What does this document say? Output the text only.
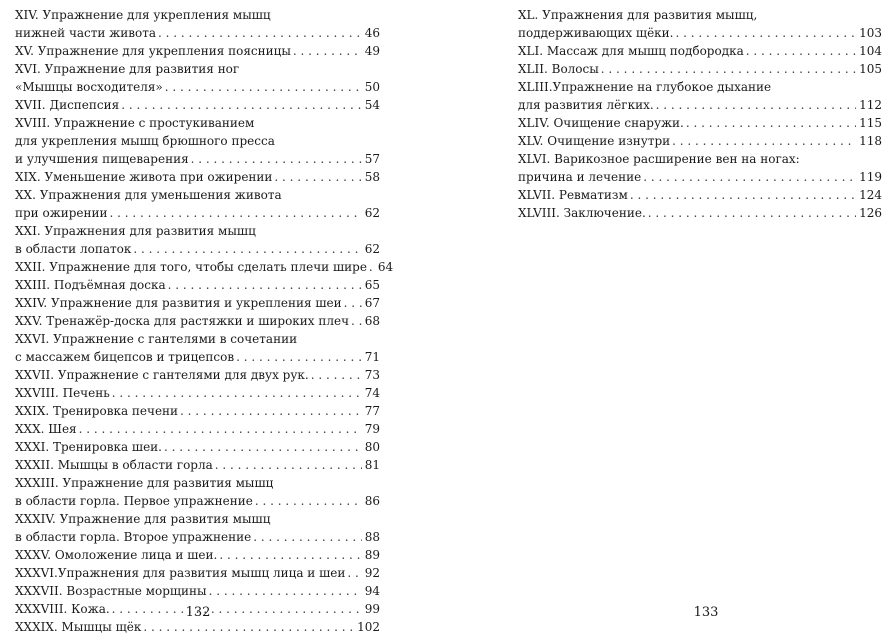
XIV. Упражнение для укрепления мышц
нижней части живота . . .	46
XV. Упражнение для укрепления поясницы . . .	49
XVI. Упражнение для развития ног
«Мышцы восходителя» . . .	50
XVII. Диспепсия . . .	54
XVIII. Упражнение с простукиванием
для укрепления мышц брюшного пресса
и улучшения пищеварения . . .	57
XIX. Уменьшение живота при ожирении . . .	58
XX. Упражнения для уменьшения живота
при ожирении . . .	62
XXI. Упражнения для развития мышц
в области лопаток . . .	62
XXII. Упражнение для того, чтобы сделать плечи шире . . . 64
XXIII. Подъёмная доска . . .	65
XXIV. Упражнение для развития и укрепления шеи . . . 67
XXV. Тренажёр-доска для растяжки и широких плеч . . . 68
XXVI. Упражнение с гантелями в сочетании
с массажем бицепсов и трицепсов . . .	71
XXVII. Упражнение с гантелями для двух рук. . . .	73
XXVIII. Печень . . .	74
XXIX. Тренировка печени . . .	77
XXX. Шея . . .	79
XXXI. Тренировка шеи. . . .	80
XXXII. Мышцы в области горла . . .	81
XXXIII. Упражнение для развития мышц
в области горла. Первое упражнение . . .	86
XXXIV. Упражнение для развития мышц
в области горла. Второе упражнение . . .	88
XXXV. Омоложение лица и шеи. . . .	89
XXXVI.Упражнения для развития мышц лица и шеи . . . 92
XXXVII. Возрастные морщины . . .	94
XXXVIII. Кожа. . . .	99
XXXIX. Мышцы щёк . . .	102
132
XL. Упражнения для развития мышц,
поддерживающих щёки. . . .	103
XLI. Массаж для мышц подбородка . . .	104
XLII. Волосы . . .	105
XLIII.Упражнение на глубокое дыхание
для развития лёгких. . . .	112
XLIV. Очищение снаружи. . . .	115
XLV. Очищение изнутри . . .	118
XLVI. Варикозное расширение вен на ногах:
причина и лечение . . .	119
XLVII. Ревматизм . . .	124
XLVIII. Заключение. . . .	126
133
